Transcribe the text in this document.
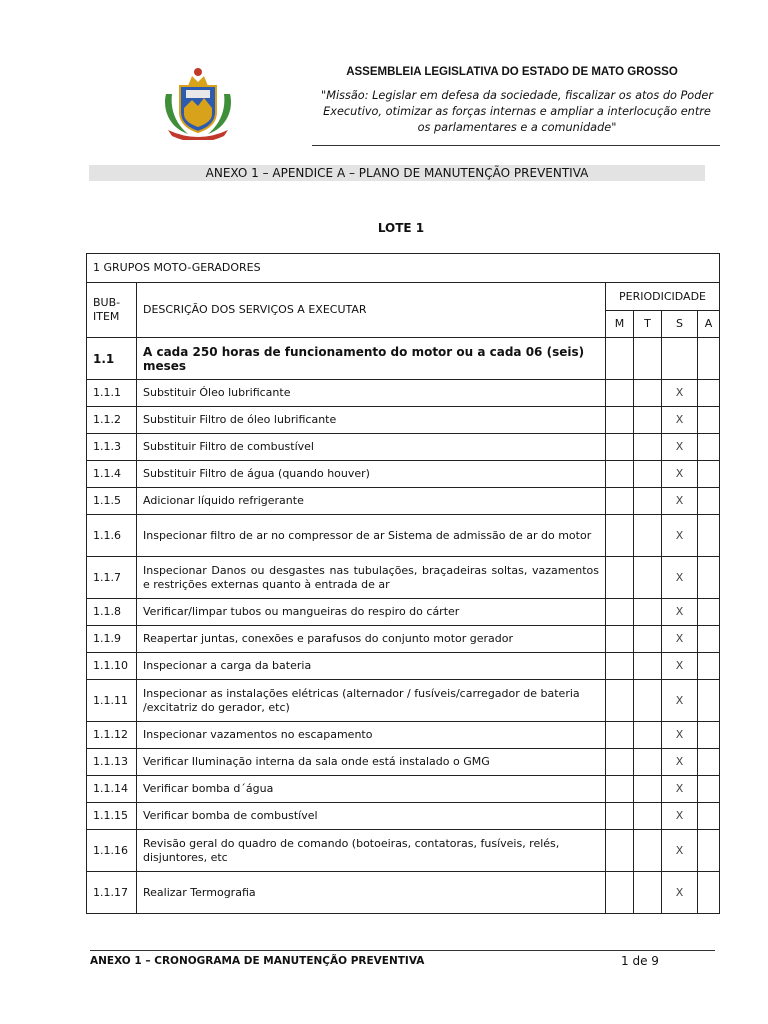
ASSEMBLEIA LEGISLATIVA DO ESTADO DE MATO GROSSO
"Missão: Legislar em defesa da sociedade, fiscalizar os atos do Poder
Executivo, otimizar as forças internas e ampliar a interlocução entre
os parlamentares e a comunidade"
ANEXO 1 – APENDICE A – PLANO DE MANUTENÇÃO PREVENTIVA
LOTE 1
1 GRUPOS MOTO-GERADORES					
BUB-
ITEM	DESCRIÇÃO DOS SERVIÇOS A EXECUTAR	PERIODICIDADE			
		M	T	S	A
1.1	A cada 250 horas de funcionamento do motor ou a cada 06 (seis) meses				
1.1.1	Substituir Óleo lubrificante			X	
1.1.2	Substituir Filtro de óleo lubrificante			X	
1.1.3	Substituir Filtro de combustível			X	
1.1.4	Substituir Filtro de água (quando houver)			X	
1.1.5	Adicionar líquido refrigerante			X	
1.1.6	Inspecionar filtro de ar no compressor de ar Sistema de admissão de ar do motor			X	
1.1.7	Inspecionar Danos ou desgastes nas tubulações, braçadeiras soltas, vazamentos e restrições externas quanto à entrada de ar			X	
1.1.8	Verificar/limpar tubos ou mangueiras do respiro do cárter			X	
1.1.9	Reapertar juntas, conexões e parafusos do conjunto motor gerador			X	
1.1.10	Inspecionar a carga da bateria			X	
1.1.11	Inspecionar as instalações elétricas (alternador / fusíveis/carregador de bateria /excitatriz do gerador, etc)			X	
1.1.12	Inspecionar vazamentos no escapamento			X	
1.1.13	Verificar Iluminação interna da sala onde está instalado o GMG			X	
1.1.14	Verificar bomba d´água			X	
1.1.15	Verificar bomba de combustível			X	
1.1.16	Revisão geral do quadro de comando (botoeiras, contatoras, fusíveis, relés, disjuntores, etc			X	
1.1.17	Realizar Termografia			X	
ANEXO 1 – CRONOGRAMA DE MANUTENÇÃO PREVENTIVA	1 de 9
